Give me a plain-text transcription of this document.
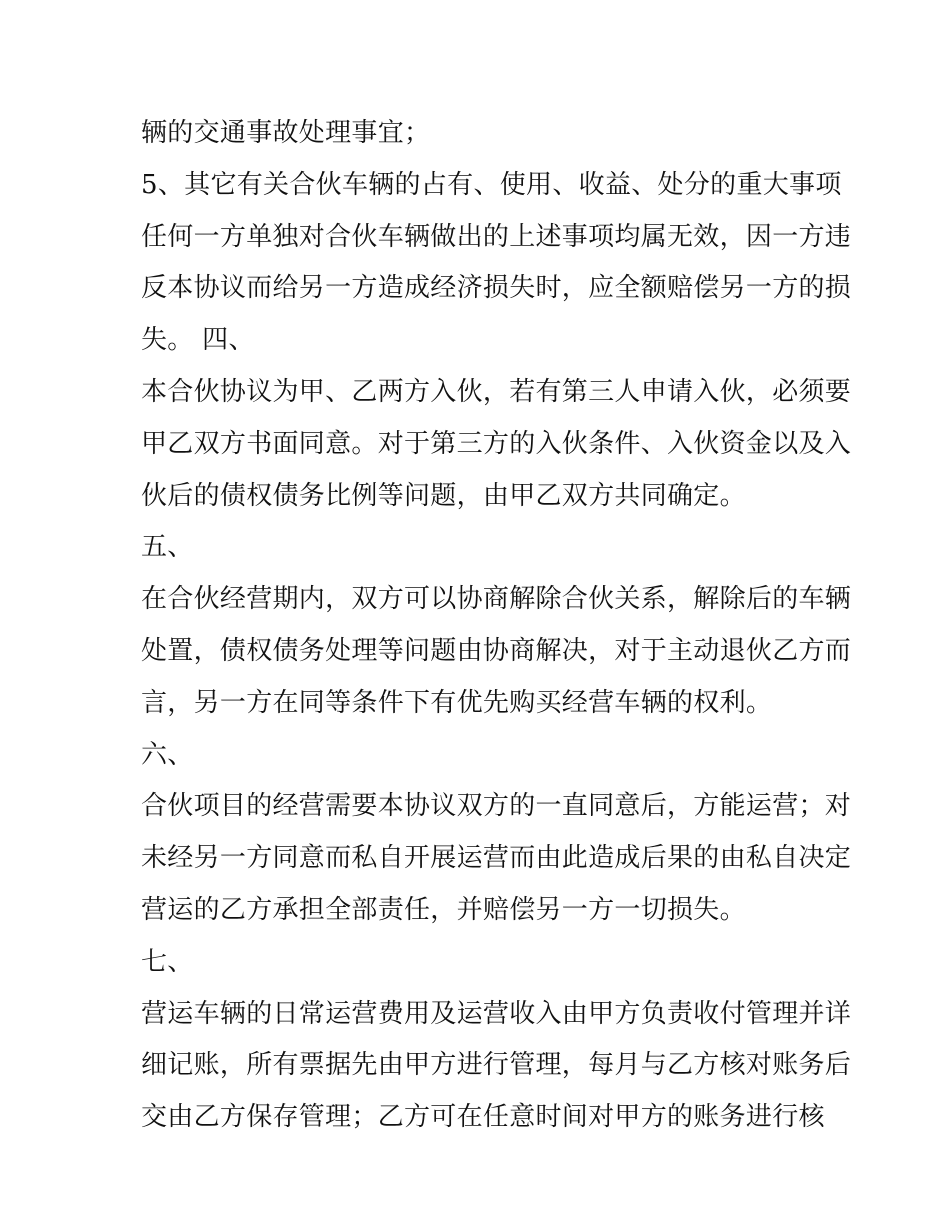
辆的交通事故处理事宜；
5、其它有关合伙车辆的占有、使用、收益、处分的重大事项
任何一方单独对合伙车辆做出的上述事项均属无效，因一方违
反本协议而给另一方造成经济损失时，应全额赔偿另一方的损
失。 四、
本合伙协议为甲、乙两方入伙，若有第三人申请入伙，必须要
甲乙双方书面同意。对于第三方的入伙条件、入伙资金以及入
伙后的债权债务比例等问题，由甲乙双方共同确定。
五、
在合伙经营期内，双方可以协商解除合伙关系，解除后的车辆
处置，债权债务处理等问题由协商解决，对于主动退伙乙方而
言，另一方在同等条件下有优先购买经营车辆的权利。
六、
合伙项目的经营需要本协议双方的一直同意后，方能运营；对
未经另一方同意而私自开展运营而由此造成后果的由私自决定
营运的乙方承担全部责任，并赔偿另一方一切损失。
七、
营运车辆的日常运营费用及运营收入由甲方负责收付管理并详
细记账，所有票据先由甲方进行管理，每月与乙方核对账务后
交由乙方保存管理；乙方可在任意时间对甲方的账务进行核
